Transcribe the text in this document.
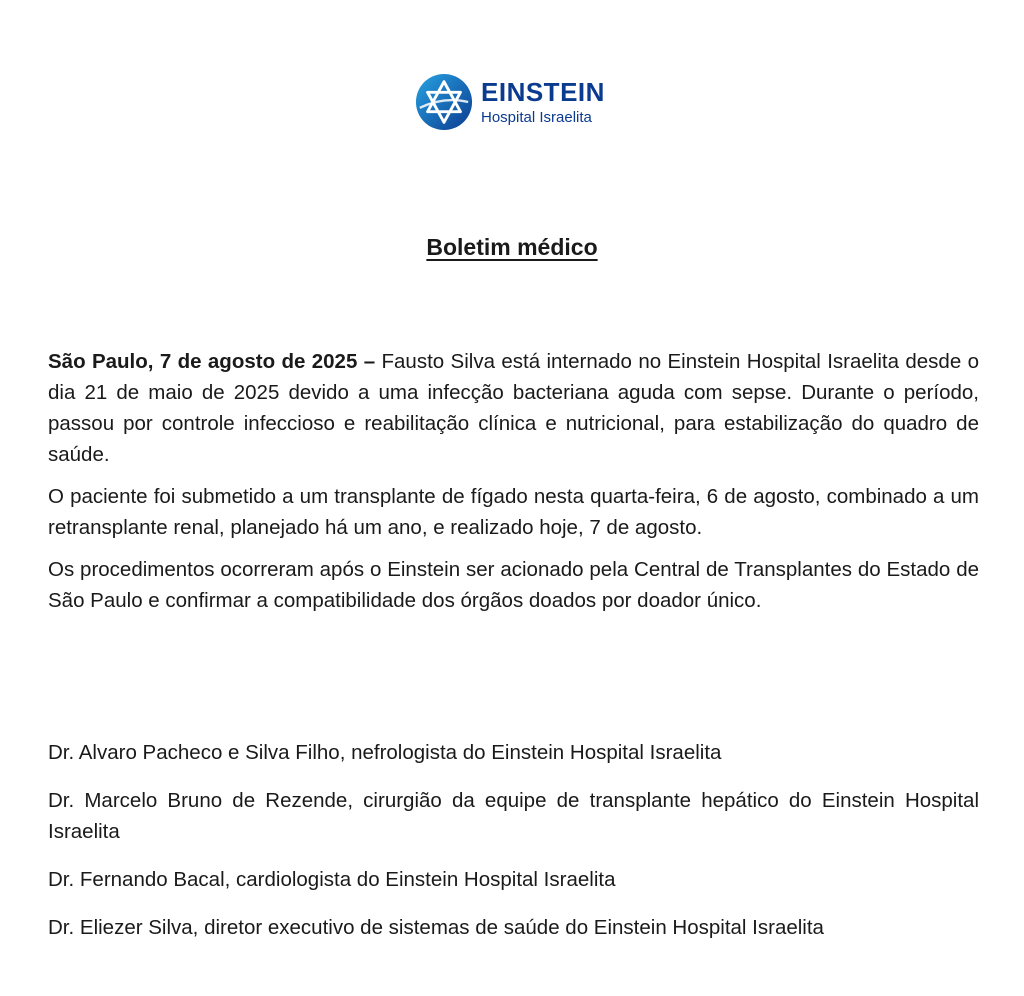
EINSTEIN
Hospital Israelita
Boletim médico

São Paulo, 7 de agosto de 2025 – Fausto Silva está internado no Einstein Hospital Israelita desde o dia 21 de maio de 2025 devido a uma infecção bacteriana aguda com sepse. Durante o período, passou por controle infeccioso e reabilitação clínica e nutricional, para estabilização do quadro de saúde.

O paciente foi submetido a um transplante de fígado nesta quarta-feira, 6 de agosto, combinado a um retransplante renal, planejado há um ano, e realizado hoje, 7 de agosto.

Os procedimentos ocorreram após o Einstein ser acionado pela Central de Transplantes do Estado de São Paulo e confirmar a compatibilidade dos órgãos doados por doador único.

Dr. Alvaro Pacheco e Silva Filho, nefrologista do Einstein Hospital Israelita

Dr. Marcelo Bruno de Rezende, cirurgião da equipe de transplante hepático do Einstein Hospital Israelita

Dr. Fernando Bacal, cardiologista do Einstein Hospital Israelita

Dr. Eliezer Silva, diretor executivo de sistemas de saúde do Einstein Hospital Israelita
